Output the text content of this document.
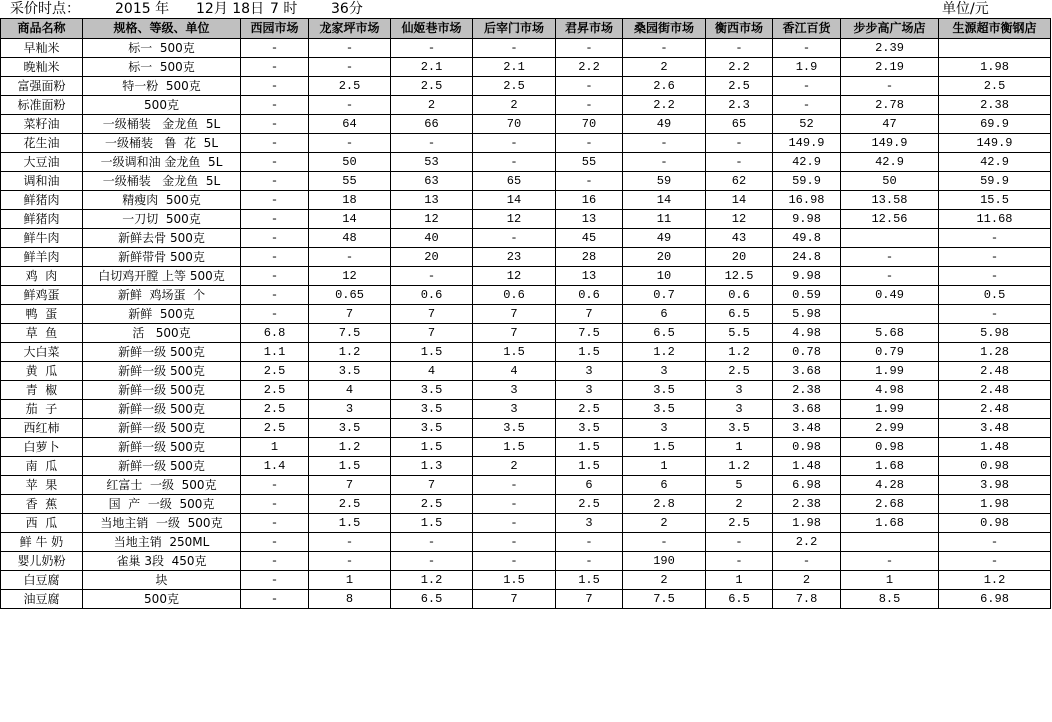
采价时点：	2015 年 12月 18日 7 时 36分	单位/元
商品名称	规格、等级、单位	西园市场	龙家坪市场	仙姬巷市场	后宰门市场	君昇市场	桑园街市场	衡西市场	香江百货	步步高广场店	生源超市衡钢店
早籼米	标一  500克	-	-	-	-	-	-	-	-	2.39	
晚籼米	标一  500克	-	-	2.1	2.1	2.2	2	2.2	1.9	2.19	1.98
富强面粉	特一粉  500克	-	2.5	2.5	2.5	-	2.6	2.5	-	-	2.5
标准面粉	500克	-	-	2	2	-	2.2	2.3	-	2.78	2.38
菜籽油	一级桶装   金龙鱼  5L	-	64	66	70	70	49	65	52	47	69.9
花生油	一级桶装   鲁  花  5L	-	-	-	-	-	-	-	149.9	149.9	149.9
大豆油	一级调和油 金龙鱼  5L	-	50	53	-	55	-	-	42.9	42.9	42.9
调和油	一级桶装   金龙鱼  5L	-	55	63	65	-	59	62	59.9	50	59.9
鲜猪肉	精瘦肉  500克	-	18	13	14	16	14	14	16.98	13.58	15.5
鲜猪肉	一刀切  500克	-	14	12	12	13	11	12	9.98	12.56	11.68
鲜牛肉	新鲜去骨 500克	-	48	40	-	45	49	43	49.8		-
鲜羊肉	新鲜带骨 500克	-	-	20	23	28	20	20	24.8	-	-
鸡  肉	白切鸡开膛 上等 500克	-	12	-	12	13	10	12.5	9.98	-	-
鲜鸡蛋	新鲜  鸡场蛋  个	-	0.65	0.6	0.6	0.6	0.7	0.6	0.59	0.49	0.5
鸭  蛋	新鲜  500克	-	7	7	7	7	6	6.5	5.98		-
草  鱼	活   500克	6.8	7.5	7	7	7.5	6.5	5.5	4.98	5.68	5.98
大白菜	新鲜一级 500克	1.1	1.2	1.5	1.5	1.5	1.2	1.2	0.78	0.79	1.28
黄  瓜	新鲜一级 500克	2.5	3.5	4	4	3	3	2.5	3.68	1.99	2.48
青  椒	新鲜一级 500克	2.5	4	3.5	3	3	3.5	3	2.38	4.98	2.48
茄  子	新鲜一级 500克	2.5	3	3.5	3	2.5	3.5	3	3.68	1.99	2.48
西红柿	新鲜一级 500克	2.5	3.5	3.5	3.5	3.5	3	3.5	3.48	2.99	3.48
白萝卜	新鲜一级 500克	1	1.2	1.5	1.5	1.5	1.5	1	0.98	0.98	1.48
南  瓜	新鲜一级 500克	1.4	1.5	1.3	2	1.5	1	1.2	1.48	1.68	0.98
苹  果	红富士  一级  500克	-	7	7	-	6	6	5	6.98	4.28	3.98
香  蕉	国  产  一级  500克	-	2.5	2.5	-	2.5	2.8	2	2.38	2.68	1.98
西  瓜	当地主销  一级  500克	-	1.5	1.5	-	3	2	2.5	1.98	1.68	0.98
鲜 牛 奶	当地主销  250ML	-	-	-	-	-	-	-	2.2		-
婴儿奶粉	雀巢 3段  450克	-	-	-	-	-	190	-	-	-	-
白豆腐	块	-	1	1.2	1.5	1.5	2	1	2	1	1.2
油豆腐	500克	-	8	6.5	7	7	7.5	6.5	7.8	8.5	6.98
